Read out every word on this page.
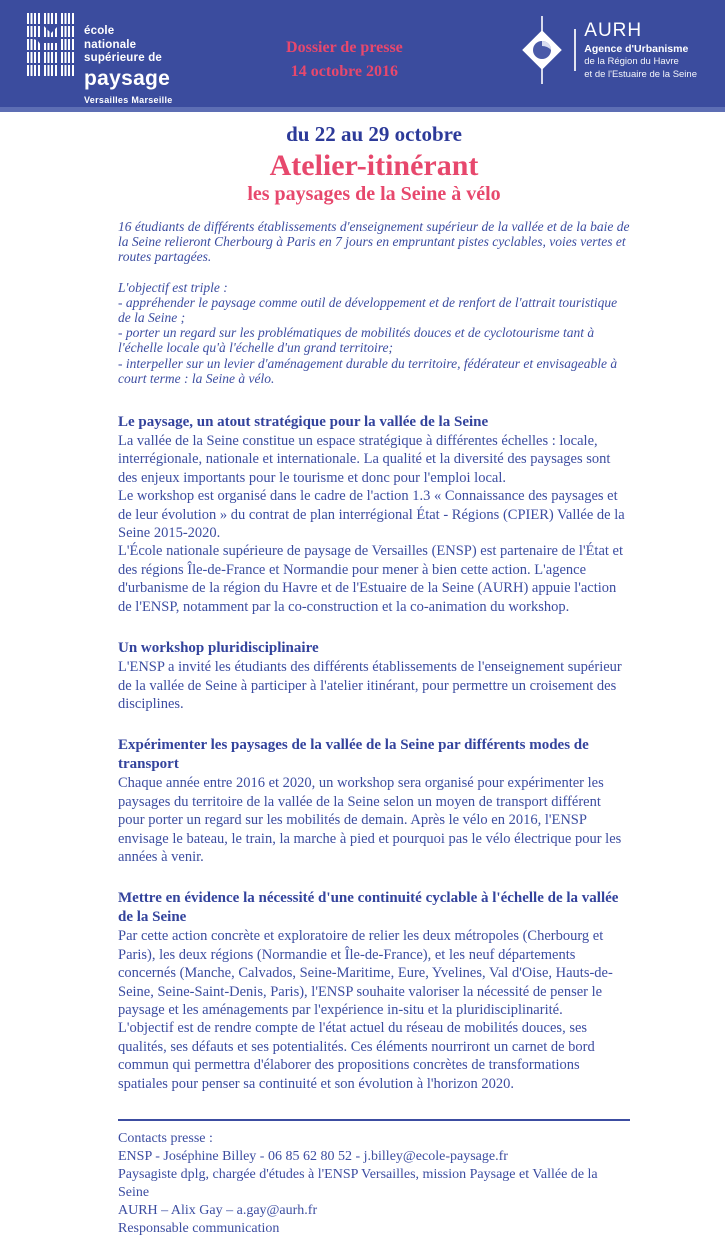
école
nationale
supérieure de
paysage
Versailles Marseille
Dossier de presse
14 octobre 2016
AURH
Agence d'Urbanisme
de la Région du Havre
et de l'Estuaire de la Seine
du 22 au 29 octobre
Atelier-itinérant
les paysages de la Seine à vélo

16 étudiants de différents établissements d'enseignement supérieur de la vallée et de la baie de la Seine relieront Cherbourg à Paris en 7 jours en empruntant pistes cyclables, voies vertes et routes partagées.

L'objectif est triple :

- appréhender le paysage comme outil de développement et de renfort de l'attrait touristique de la Seine ;

- porter un regard sur les problématiques de mobilités douces et de cyclotourisme tant à l'échelle locale qu'à l'échelle d'un grand territoire;

- interpeller sur un levier d'aménagement durable du territoire, fédérateur et envisageable à court terme : la Seine à vélo.

Le paysage, un atout stratégique pour la vallée de la Seine

La vallée de la Seine constitue un espace stratégique à différentes échelles : locale, interrégionale, nationale et internationale. La qualité et la diversité des paysages sont des enjeux importants pour le tourisme et donc pour l'emploi local.

Le workshop est organisé dans le cadre de l'action 1.3 « Connaissance des paysages et de leur évolution » du contrat de plan interrégional État - Régions (CPIER) Vallée de la Seine 2015-2020.

L'École nationale supérieure de paysage de Versailles (ENSP) est partenaire de l'État et des régions Île-de-France et Normandie pour mener à bien cette action. L'agence d'urbanisme de la région du Havre et de l'Estuaire de la Seine (AURH) appuie l'action de l'ENSP, notamment par la co-construction et la co-animation du workshop.

Un workshop pluridisciplinaire

L'ENSP a invité les étudiants des différents établissements de l'enseignement supérieur de la vallée de Seine à participer à l'atelier itinérant, pour permettre un croisement des disciplines.

Expérimenter les paysages de la vallée de la Seine par différents modes de transport

Chaque année entre 2016 et 2020, un workshop sera organisé pour expérimenter les paysages du territoire de la vallée de la Seine selon un moyen de transport différent pour porter un regard sur les mobilités de demain. Après le vélo en 2016, l'ENSP envisage le bateau, le train, la marche à pied et pourquoi pas le vélo électrique pour les années à venir.

Mettre en évidence la nécessité d'une continuité cyclable à l'échelle de la vallée de la Seine

Par cette action concrète et exploratoire de relier les deux métropoles (Cherbourg et Paris), les deux régions (Normandie et Île-de-France), et les neuf départements concernés (Manche, Calvados, Seine-Maritime, Eure, Yvelines, Val d'Oise, Hauts-de-Seine, Seine-Saint-Denis, Paris), l'ENSP souhaite valoriser la nécessité de penser le paysage et les aménagements par l'expérience in-situ et la pluridisciplinarité.

L'objectif est de rendre compte de l'état actuel du réseau de mobilités douces, ses qualités, ses défauts et ses potentialités. Ces éléments nourriront un carnet de bord commun qui permettra d'élaborer des propositions concrètes de transformations spatiales pour penser sa continuité et son évolution à l'horizon 2020.

Contacts presse :

ENSP - Joséphine Billey - 06 85 62 80 52 - j.billey@ecole-paysage.fr

Paysagiste dplg, chargée d'études à l'ENSP Versailles, mission Paysage et Vallée de la Seine

AURH – Alix Gay – a.gay@aurh.fr

Responsable communication
